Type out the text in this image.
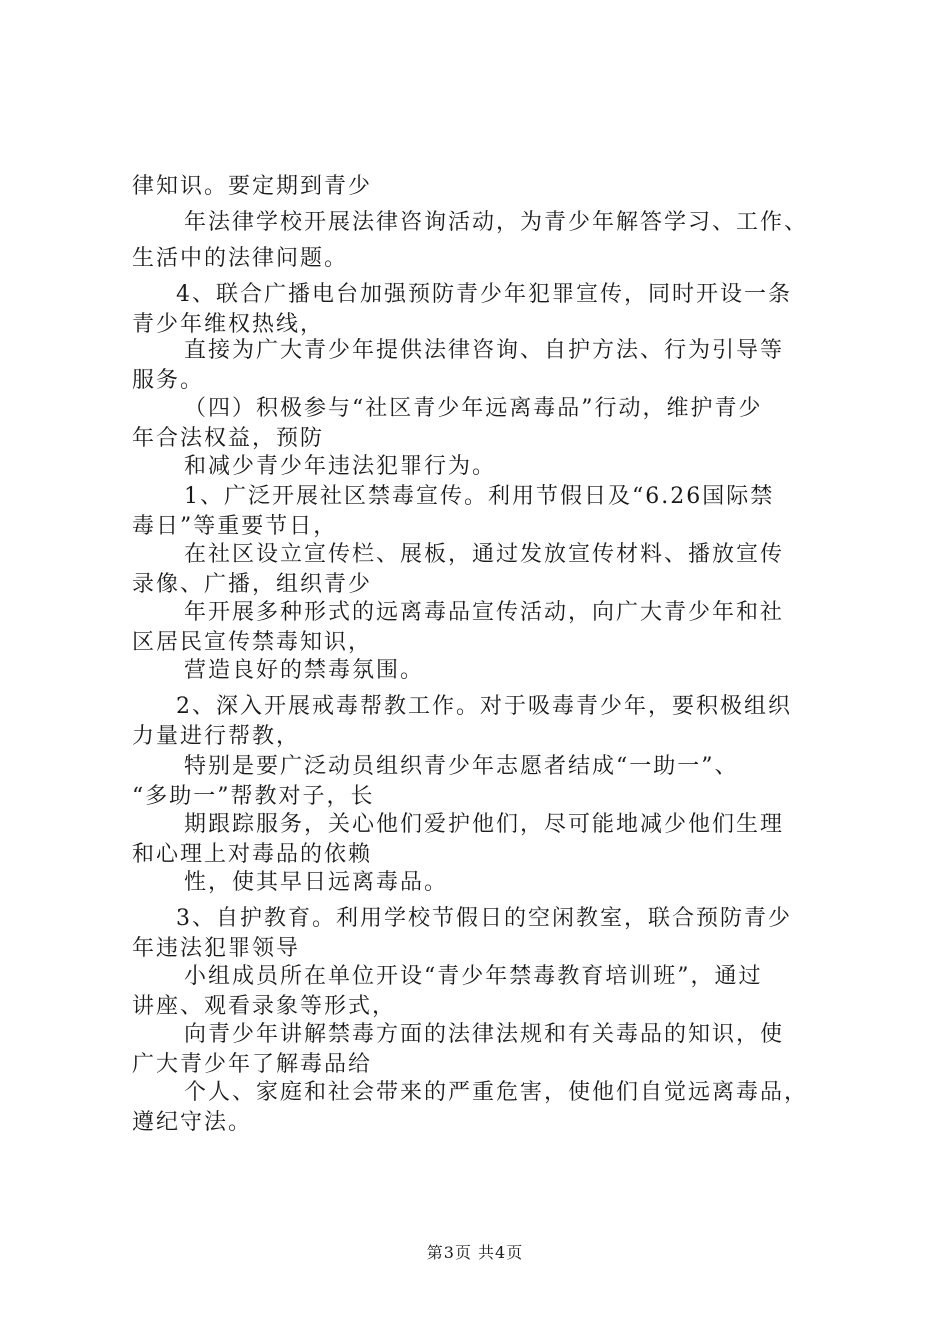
律知识。要定期到青少
年法律学校开展法律咨询活动，为青少年解答学习、工作、
生活中的法律问题。
4、联合广播电台加强预防青少年犯罪宣传，同时开设一条
青少年维权热线，
直接为广大青少年提供法律咨询、自护方法、行为引导等
服务。
（四）积极参与“社区青少年远离毒品”行动，维护青少
年合法权益，预防
和减少青少年违法犯罪行为。
1、广泛开展社区禁毒宣传。利用节假日及“6.26国际禁
毒日”等重要节日，
在社区设立宣传栏、展板，通过发放宣传材料、播放宣传
录像、广播，组织青少
年开展多种形式的远离毒品宣传活动，向广大青少年和社
区居民宣传禁毒知识，
营造良好的禁毒氛围。
2、深入开展戒毒帮教工作。对于吸毒青少年，要积极组织
力量进行帮教，
特别是要广泛动员组织青少年志愿者结成“一助一”、
“多助一”帮教对子，长
期跟踪服务，关心他们爱护他们，尽可能地减少他们生理
和心理上对毒品的依赖
性，使其早日远离毒品。
3、自护教育。利用学校节假日的空闲教室，联合预防青少
年违法犯罪领导
小组成员所在单位开设“青少年禁毒教育培训班”，通过
讲座、观看录象等形式，
向青少年讲解禁毒方面的法律法规和有关毒品的知识，使
广大青少年了解毒品给
个人、家庭和社会带来的严重危害，使他们自觉远离毒品，
遵纪守法。
第3页 共4页
